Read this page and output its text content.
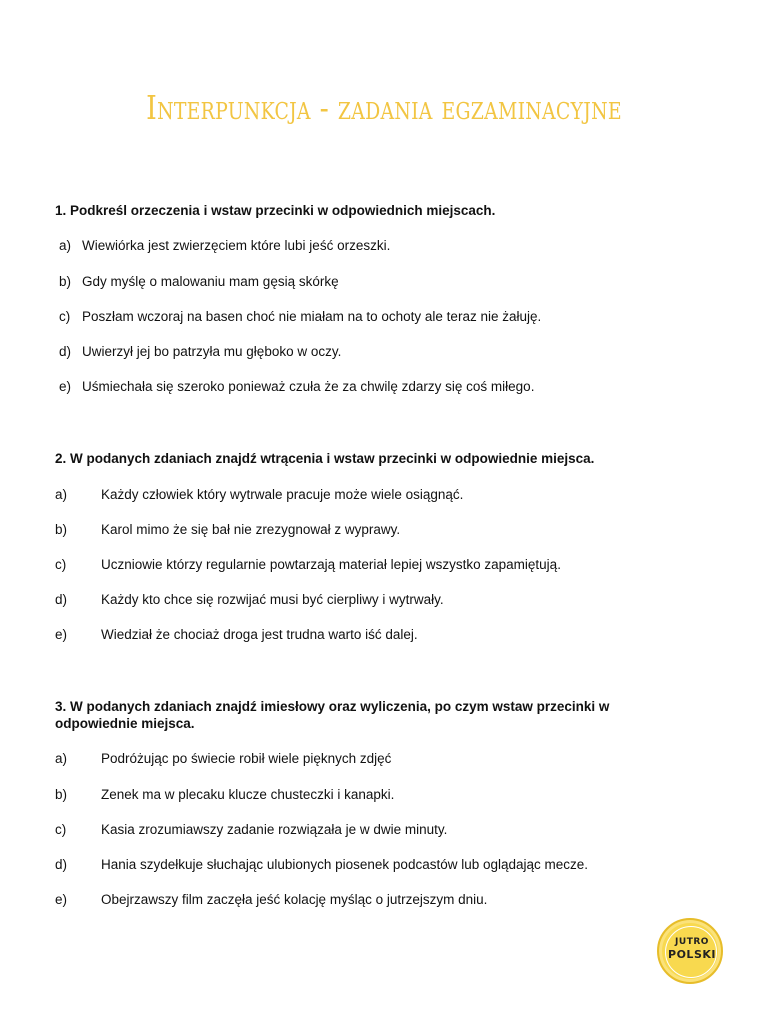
Interpunkcja - zadania egzaminacyjne
1. Podkreśl orzeczenia i wstaw przecinki w odpowiednich miejscach.
a) Wiewiórka jest zwierzęciem które lubi jeść orzeszki.
b) Gdy myślę o malowaniu mam gęsią skórkę
c) Poszłam wczoraj na basen choć nie miałam na to ochoty ale teraz nie żałuję.
d) Uwierzył jej bo patrzyła mu głęboko w oczy.
e) Uśmiechała się szeroko ponieważ czuła że za chwilę zdarzy się coś miłego.
2. W podanych zdaniach znajdź wtrącenia i wstaw przecinki w odpowiednie miejsca.
a)	Każdy człowiek który wytrwale pracuje może wiele osiągnąć.
b)	Karol mimo że się bał nie zrezygnował z wyprawy.
c)	Uczniowie którzy regularnie powtarzają materiał lepiej wszystko zapamiętują.
d)	Każdy kto chce się rozwijać musi być cierpliwy i wytrwały.
e)	Wiedział że chociaż droga jest trudna warto iść dalej.
3. W podanych zdaniach znajdź imiesłowy oraz wyliczenia, po czym wstaw przecinki w
odpowiednie miejsca.
a)	Podróżując po świecie robił wiele pięknych zdjęć
b)	Zenek ma w plecaku klucze chusteczki i kanapki.
c)	Kasia zrozumiawszy zadanie rozwiązała je w dwie minuty.
d)	Hania szydełkuje słuchając ulubionych piosenek podcastów lub oglądając mecze.
e)	Obejrzawszy film zaczęła jeść kolację myśląc o jutrzejszym dniu.
JUTRO
POLSKI
